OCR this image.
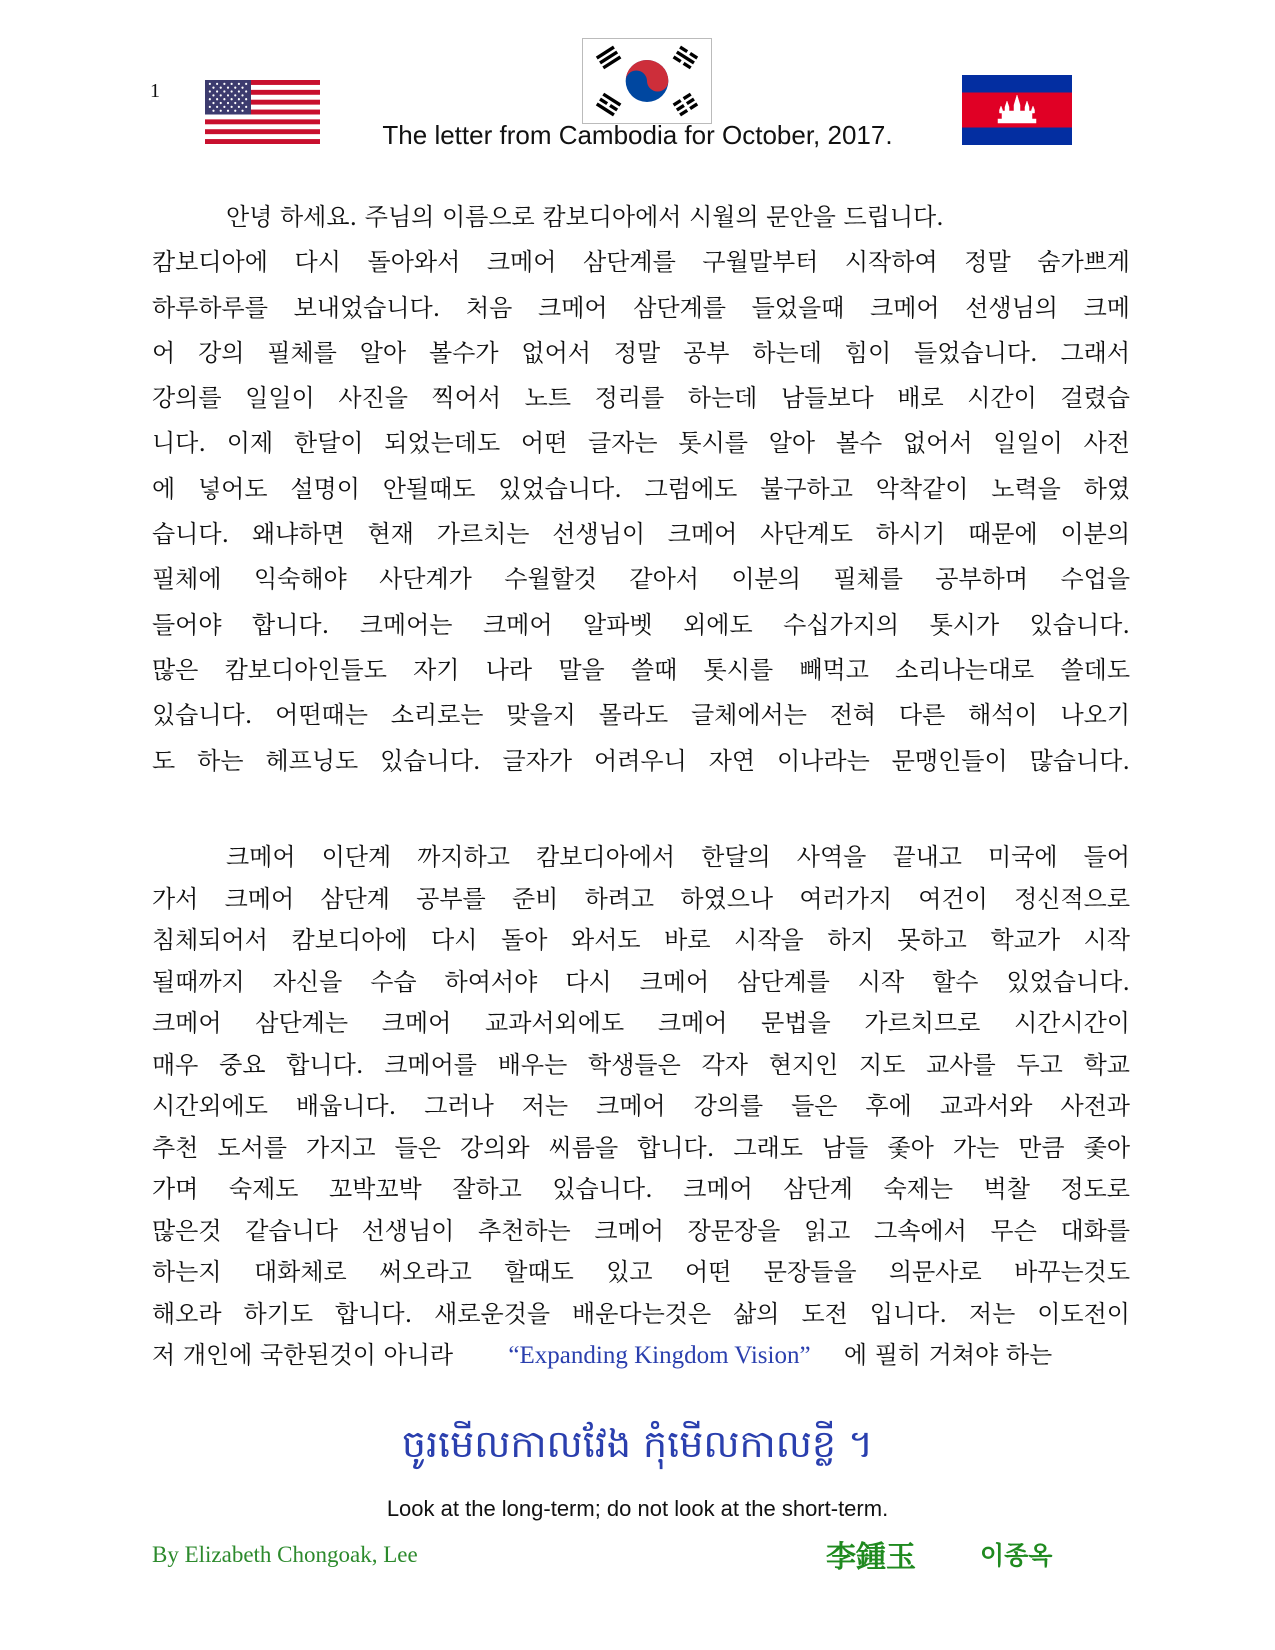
1
The letter from Cambodia for October, 2017.
안녕 하세요. 주님의 이름으로 캄보디아에서 시월의 문안을 드립니다.
캄보디아에 다시 돌아와서 크메어 삼단계를 구월말부터 시작하여 정말 숨가쁘게
하루하루를 보내었습니다. 처음 크메어 삼단계를 들었을때 크메어 선생님의 크메
어 강의 필체를 알아 볼수가 없어서 정말 공부 하는데 힘이 들었습니다. 그래서
강의를 일일이 사진을 찍어서 노트 정리를 하는데 남들보다 배로 시간이 걸렸습
니다. 이제 한달이 되었는데도 어떤 글자는 톳시를 알아 볼수 없어서 일일이 사전
에 넣어도 설명이 안될때도 있었습니다. 그럼에도 불구하고 악착같이 노력을 하였
습니다. 왜냐하면 현재 가르치는 선생님이 크메어 사단계도 하시기 때문에 이분의
필체에 익숙해야 사단계가 수월할것 같아서 이분의 필체를 공부하며 수업을
들어야 합니다. 크메어는 크메어 알파벳 외에도 수십가지의 톳시가 있습니다.
많은 캄보디아인들도 자기 나라 말을 쓸때 톳시를 빼먹고 소리나는대로 쓸데도
있습니다. 어떤때는 소리로는 맞을지 몰라도 글체에서는 전혀 다른 해석이 나오기
도 하는 헤프닝도 있습니다. 글자가 어려우니 자연 이나라는 문맹인들이 많습니다.
크메어 이단계 까지하고 캄보디아에서 한달의 사역을 끝내고 미국에 들어
가서 크메어 삼단계 공부를 준비 하려고 하였으나 여러가지 여건이 정신적으로
침체되어서 캄보디아에 다시 돌아 와서도 바로 시작을 하지 못하고 학교가 시작
될때까지 자신을 수습 하여서야 다시 크메어 삼단계를 시작 할수 있었습니다.
크메어 삼단계는 크메어 교과서외에도 크메어 문법을 가르치므로 시간시간이
매우 중요 합니다. 크메어를 배우는 학생들은 각자 현지인 지도 교사를 두고 학교
시간외에도 배웁니다. 그러나 저는 크메어 강의를 들은 후에 교과서와 사전과
추천 도서를 가지고 들은 강의와 씨름을 합니다. 그래도 남들 좇아 가는 만큼 좇아
가며 숙제도 꼬박꼬박 잘하고 있습니다. 크메어 삼단계 숙제는 벅찰 정도로
많은것 같습니다 선생님이 추천하는 크메어 장문장을 읽고 그속에서 무슨 대화를
하는지 대화체로 써오라고 할때도 있고 어떤 문장들을 의문사로 바꾸는것도
해오라 하기도 합니다. 새로운것을 배운다는것은 삶의 도전 입니다. 저는 이도전이
저 개인에 국한된것이 아니라 “Expanding Kingdom Vision” 에 필히 거쳐야 하는
ចូរមើលកាលវែង កុំមើលកាលខ្លី ។
Look at the long-term; do not look at the short-term.
By Elizabeth Chongoak, Lee	李鍾玉	이종옥
